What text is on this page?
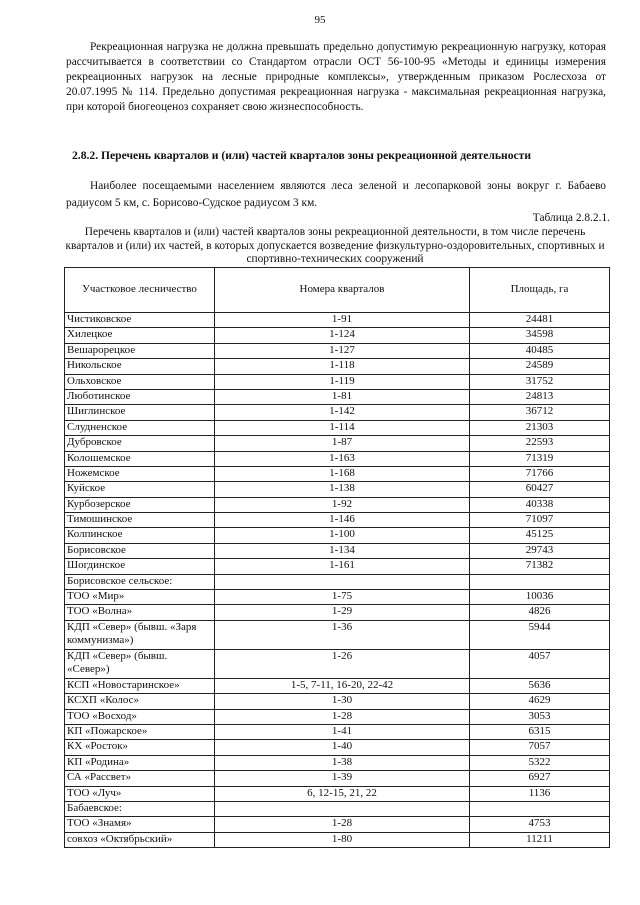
95

Рекреационная нагрузка не должна превышать предельно допустимую рекреационную нагрузку, которая рассчитывается в соответствии со Стандартом отрасли ОСТ 56-100-95 «Методы и единицы измерения рекреационных нагрузок на лесные природные комплексы», утвержденным приказом Рослесхоза от 20.07.1995 № 114. Предельно допустимая рекреационная нагрузка - максимальная рекреационная нагрузка, при которой биогеоценоз сохраняет свою жизнеспособность.

2.8.2. Перечень кварталов и (или) частей кварталов зоны рекреационной деятельности

Наиболее посещаемыми населением являются леса зеленой и лесопарковой зоны вокруг г. Бабаево радиусом 5 км, с. Борисово-Судское радиусом 3 км.

Таблица 2.8.2.1.

Перечень кварталов и (или) частей кварталов зоны рекреационной деятельности, в том числе перечень кварталов и (или) их частей, в которых допускается возведение физкультурно-оздоровительных, спортивных и спортивно-технических сооружений

Участковое лесничество	Номера кварталов	Площадь, га
Чистиковское	1-91	24481
Хилецкое	1-124	34598
Вешарорецкое	1-127	40485
Никольское	1-118	24589
Ольховское	1-119	31752
Люботинское	1-81	24813
Шиглинское	1-142	36712
Слудненское	1-114	21303
Дубровское	1-87	22593
Колошемское	1-163	71319
Ножемское	1-168	71766
Куйское	1-138	60427
Курбозерское	1-92	40338
Тимошинское	1-146	71097
Колпинское	1-100	45125
Борисовское	1-134	29743
Шогдинское	1-161	71382
Борисовское сельское:		
ТОО «Мир»	1-75	10036
ТОО «Волна»	1-29	4826
КДП «Север» (бывш. «Заря коммунизма»)	1-36	5944
КДП «Север» (бывш. «Север»)	1-26	4057
КСП «Новостаринское»	1-5, 7-11, 16-20, 22-42	5636
КСХП «Колос»	1-30	4629
ТОО «Восход»	1-28	3053
КП «Пожарское»	1-41	6315
КХ «Росток»	1-40	7057
КП «Родина»	1-38	5322
СА «Рассвет»	1-39	6927
ТОО «Луч»	6, 12-15, 21, 22	1136
Бабаевское:		
ТОО «Знамя»	1-28	4753
совхоз «Октябрьский»	1-80	11211
